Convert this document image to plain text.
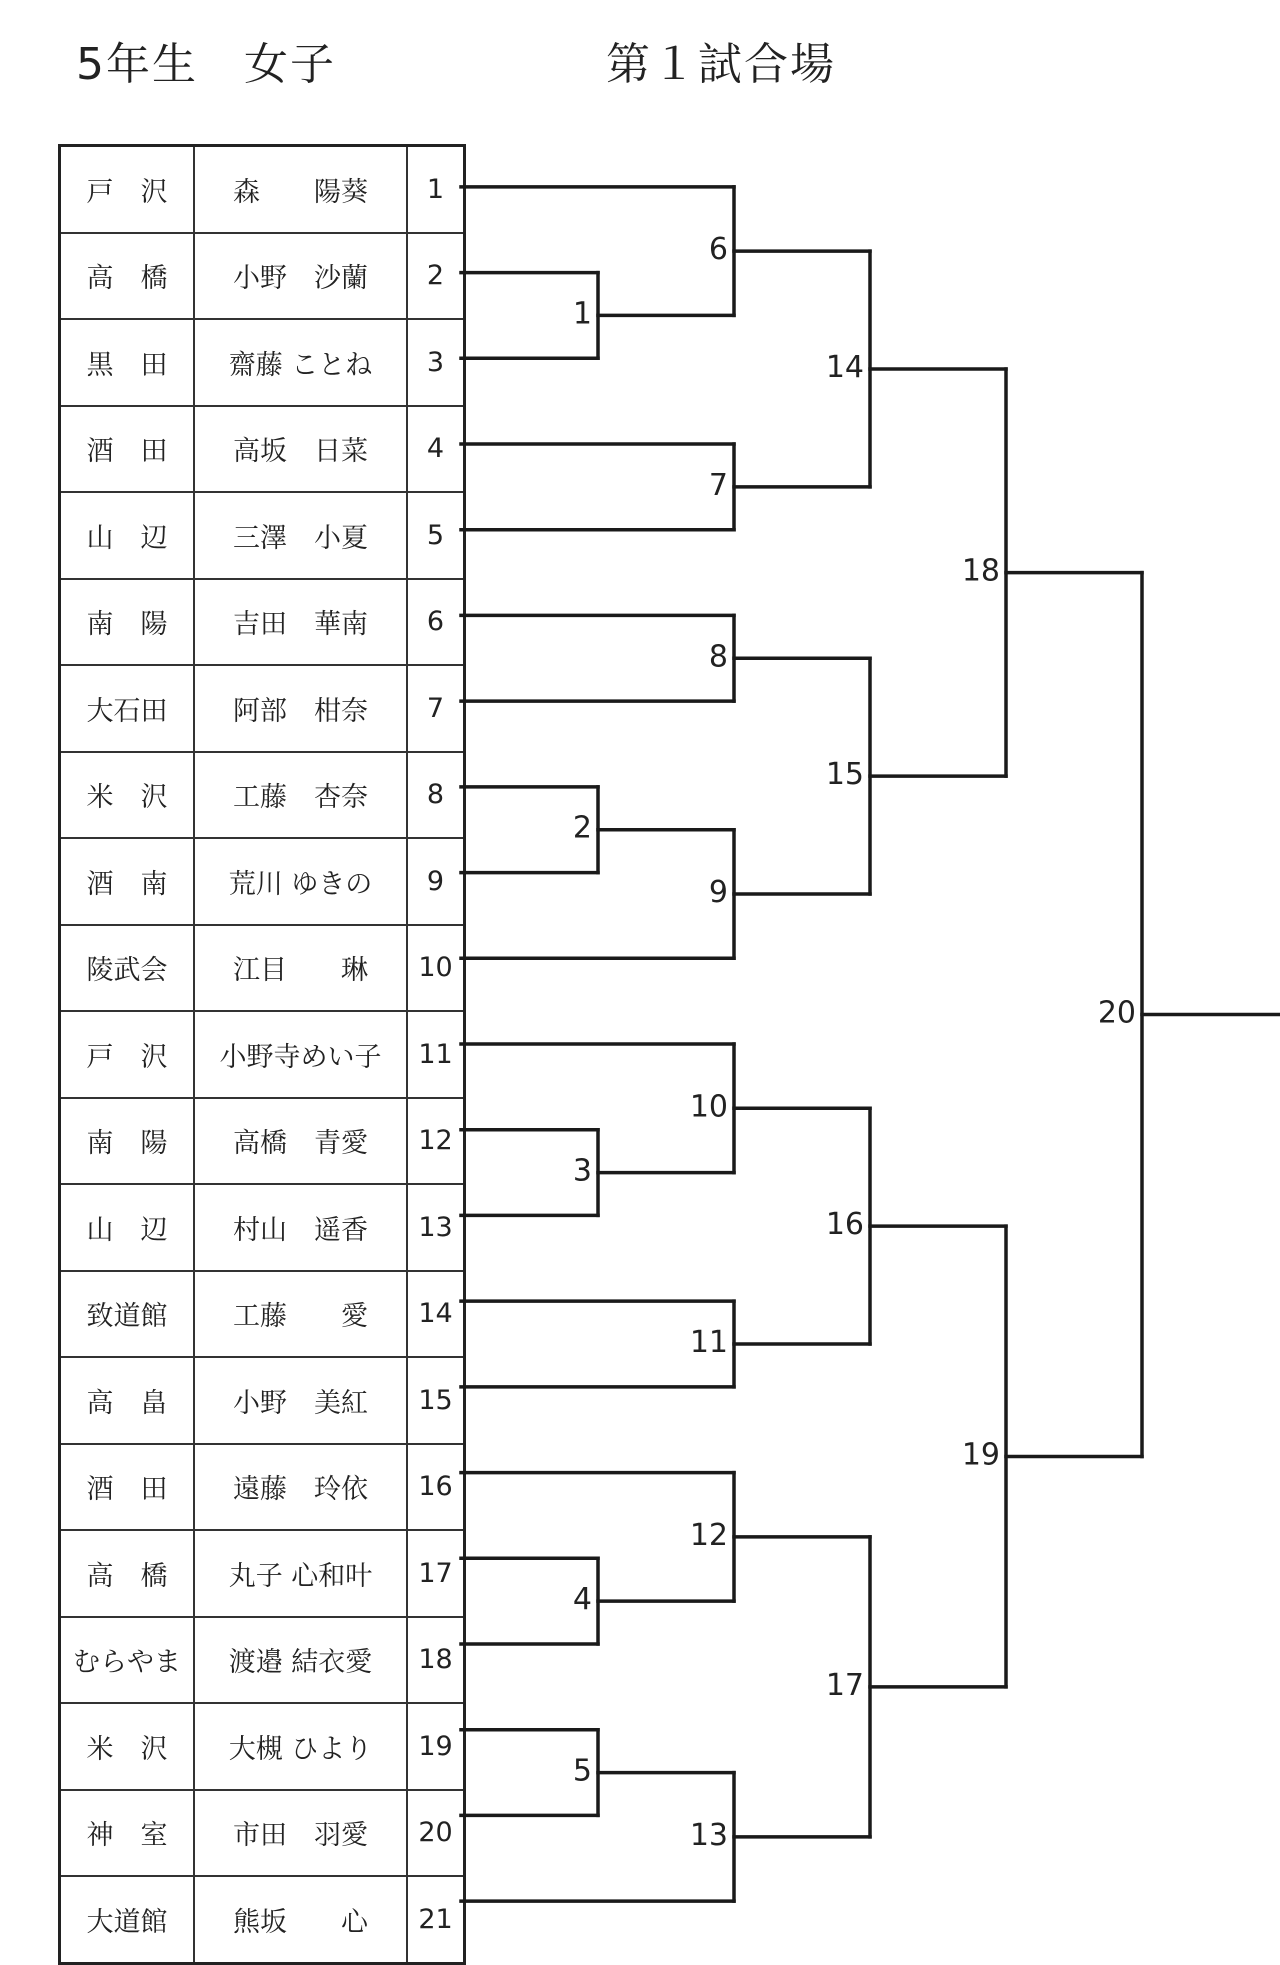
5年生　女子	第１試合場
戸　沢	森　　陽葵	1
高　橋	小野　沙蘭	2
黒　田	齋藤 ことね	3
酒　田	高坂　日菜	4
山　辺	三澤　小夏	5
南　陽	吉田　華南	6
大石田	阿部　柑奈	7
米　沢	工藤　杏奈	8
酒　南	荒川 ゆきの	9
陵武会	江目　　琳	10
戸　沢	小野寺めい子	11
南　陽	高橋　青愛	12
山　辺	村山　遥香	13
致道館	工藤　　愛	14
高　畠	小野　美紅	15
酒　田	遠藤　玲依	16
高　橋	丸子 心和叶	17
むらやま	渡邉 結衣愛	18
米　沢	大槻 ひより	19
神　室	市田　羽愛	20
大道館	熊坂　　心	21
1
2
3
4
5
6
7
8
9
10
11
12
13
14
15
16
17
18
19
20
